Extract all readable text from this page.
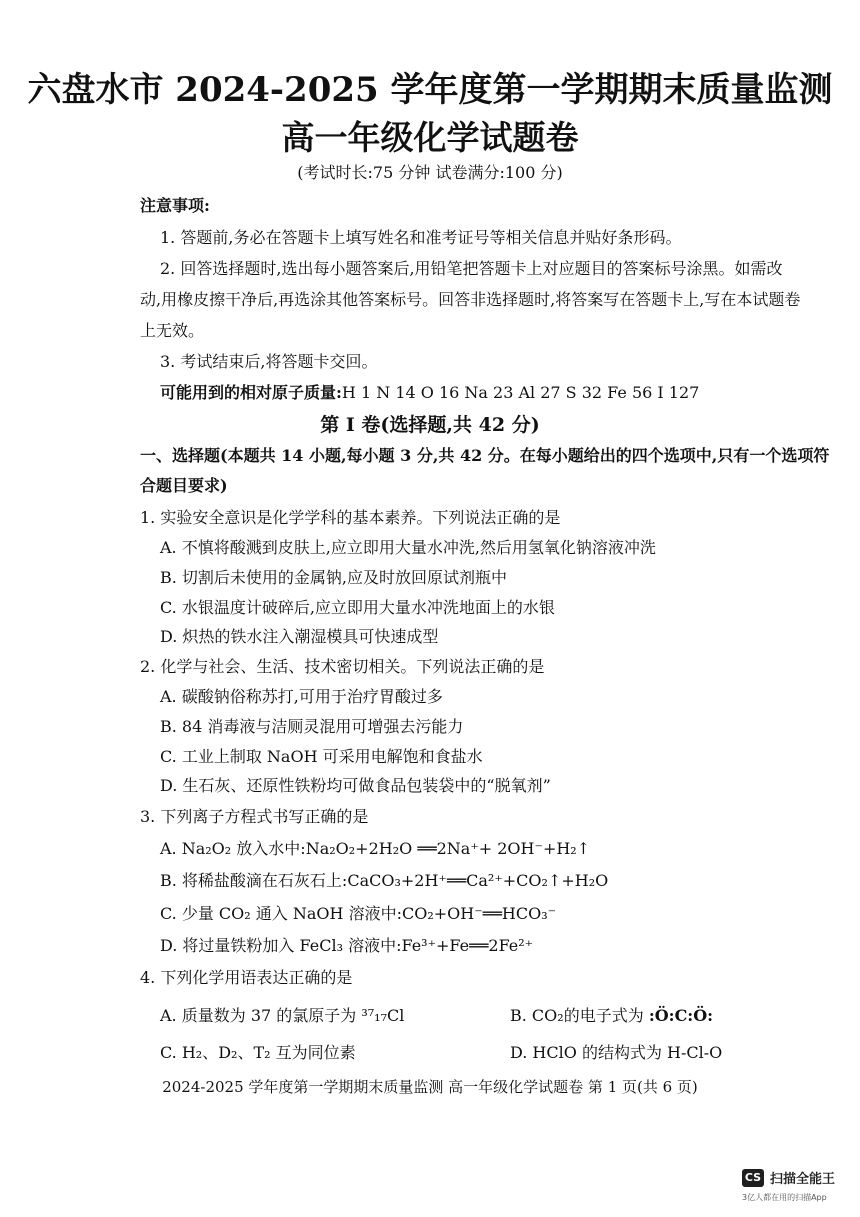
六盘水市 2024-2025 学年度第一学期期末质量监测
高一年级化学试题卷
(考试时长:75 分钟 试卷满分:100 分)
注意事项:
1. 答题前,务必在答题卡上填写姓名和准考证号等相关信息并贴好条形码。
2. 回答选择题时,选出每小题答案后,用铅笔把答题卡上对应题目的答案标号涂黑。如需改
动,用橡皮擦干净后,再选涂其他答案标号。回答非选择题时,将答案写在答题卡上,写在本试题卷
上无效。
3. 考试结束后,将答题卡交回。
可能用到的相对原子质量:H 1 N 14 O 16 Na 23 Al 27 S 32 Fe 56 I 127
第 I 卷(选择题,共 42 分)
一、选择题(本题共 14 小题,每小题 3 分,共 42 分。在每小题给出的四个选项中,只有一个选项符
合题目要求)
1. 实验安全意识是化学学科的基本素养。下列说法正确的是
A. 不慎将酸溅到皮肤上,应立即用大量水冲洗,然后用氢氧化钠溶液冲洗
B. 切割后未使用的金属钠,应及时放回原试剂瓶中
C. 水银温度计破碎后,应立即用大量水冲洗地面上的水银
D. 炽热的铁水注入潮湿模具可快速成型
2. 化学与社会、生活、技术密切相关。下列说法正确的是
A. 碳酸钠俗称苏打,可用于治疗胃酸过多
B. 84 消毒液与洁厕灵混用可增强去污能力
C. 工业上制取 NaOH 可采用电解饱和食盐水
D. 生石灰、还原性铁粉均可做食品包装袋中的“脱氧剂”
3. 下列离子方程式书写正确的是
A. Na₂O₂ 放入水中:Na₂O₂+2H₂O ══2Na⁺+ 2OH⁻+H₂↑
B. 将稀盐酸滴在石灰石上:CaCO₃+2H⁺══Ca²⁺+CO₂↑+H₂O
C. 少量 CO₂ 通入 NaOH 溶液中:CO₂+OH⁻══HCO₃⁻
D. 将过量铁粉加入 FeCl₃ 溶液中:Fe³⁺+Fe══2Fe²⁺
4. 下列化学用语表达正确的是
A. 质量数为 37 的氯原子为 ³⁷₁₇Cl	B. CO₂的电子式为 :Ö:C:Ö:
C. H₂、D₂、T₂ 互为同位素	D. HClO 的结构式为 H-Cl-O
2024-2025 学年度第一学期期末质量监测 高一年级化学试题卷 第 1 页(共 6 页)
CS 扫描全能王
3亿人都在用的扫描App
